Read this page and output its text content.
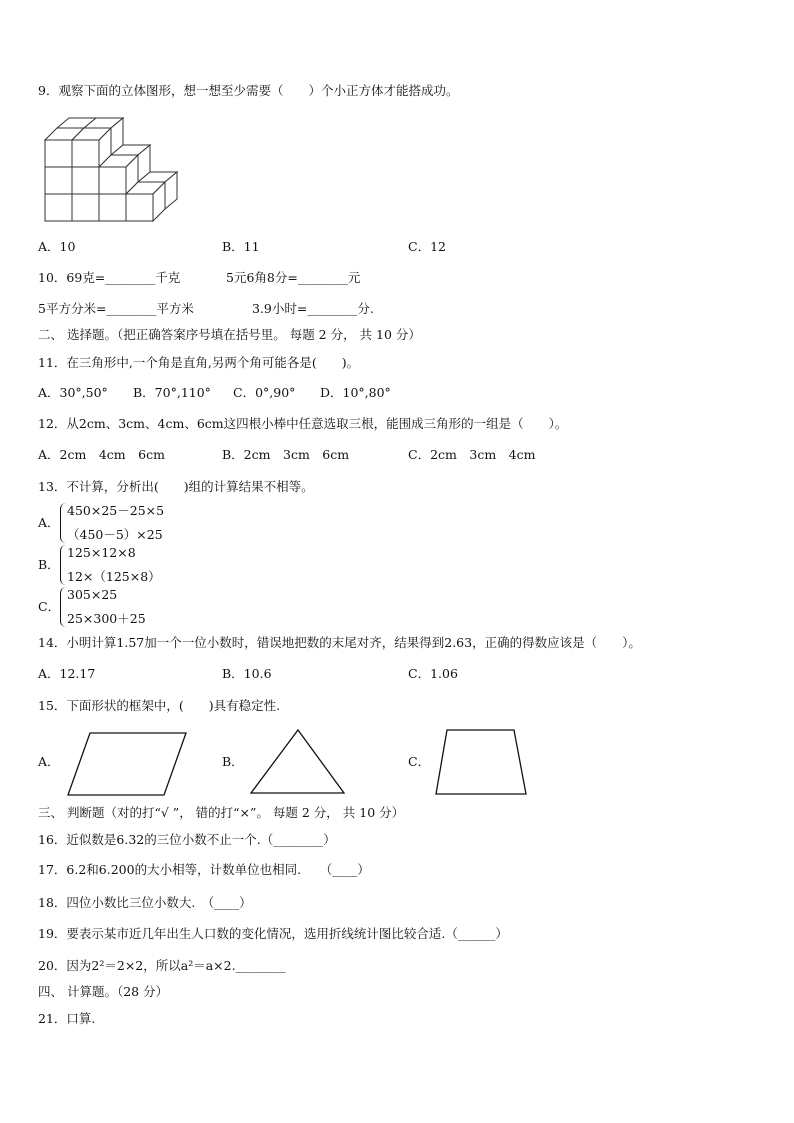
9．观察下面的立体图形，想一想至少需要（　　）个小正方体才能搭成功。
A．10	B．11	C．12
10．69克=________千克	5元6角8分=________元
5平方分米=________平方米	3.9小时=________分.
二、 选择题。（把正确答案序号填在括号里。 每题 2 分， 共 10 分）
11．在三角形中,一个角是直角,另两个角可能各是(　　)。
A．30°,50° B．70°,110° C．0°,90° D．10°,80°
12．从2cm、3cm、4cm、6cm这四根小棒中任意选取三根，能围成三角形的一组是（　　）。
A．2cm　4cm　6cm	B．2cm　3cm　6cm	C．2cm　3cm　4cm
13．不计算，分析出(　　)组的计算结果不相等。
A．
450×25－25×5
（450－5）×25
B．
125×12×8
12×（125×8）
C．
305×25
25×300＋25
14．小明计算1.57加一个一位小数时，错误地把数的末尾对齐，结果得到2.63，正确的得数应该是（　　）。
A．12.17	B．10.6	C．1.06
15．下面形状的框架中，(　　)具有稳定性.
A．	B．	C．
三、 判断题（对的打“√ ”， 错的打“×”。 每题 2 分， 共 10 分）
16．近似数是6.32的三位小数不止一个.（________）
17．6.2和6.200的大小相等，计数单位也相同.　　（____）
18．四位小数比三位小数大.　（____）
19．要表示某市近几年出生人口数的变化情况，选用折线统计图比较合适.（______）
20．因为2²＝2×2，所以a²＝a×2.________
四、 计算题。（28 分）
21．口算.
